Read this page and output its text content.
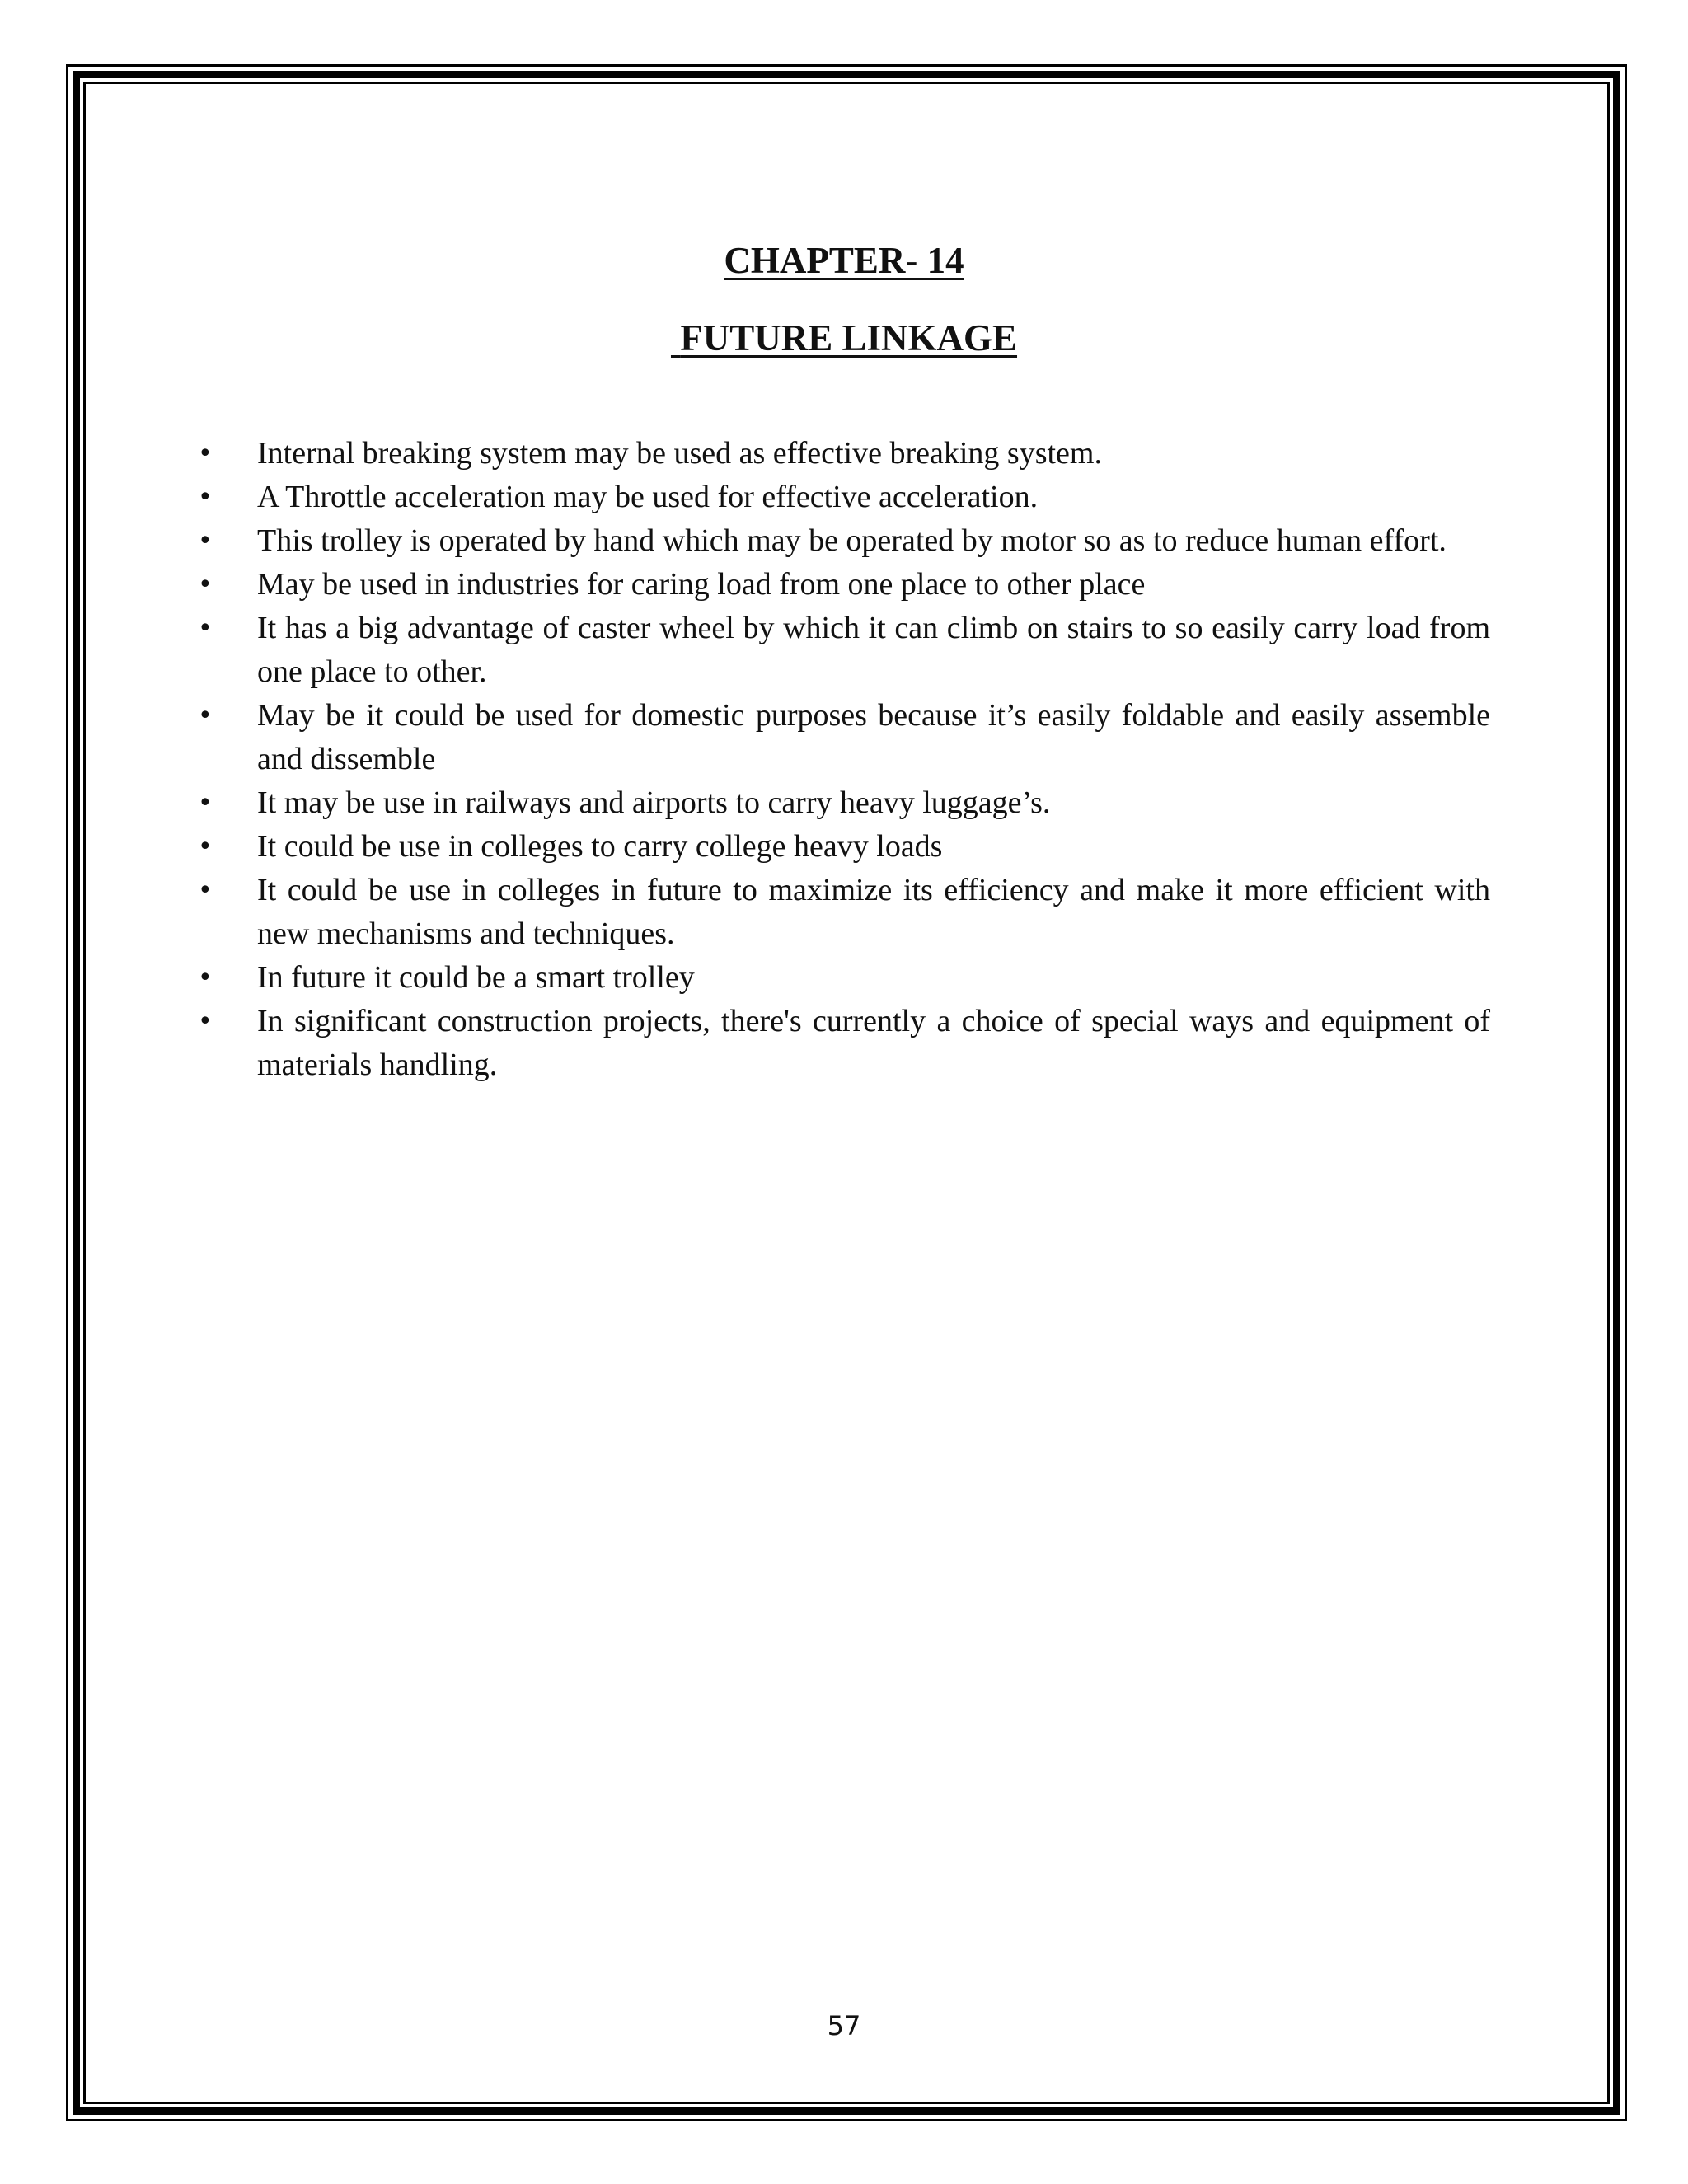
CHAPTER- 14
FUTURE LINKAGE
•	Internal breaking system may be used as effective breaking system.
•	A Throttle acceleration may be used for effective acceleration.
•	This trolley is operated by hand which may be operated by motor so as to reduce human effort.
•	May be used in industries for caring load from one place to other place
•	It has a big advantage of caster wheel by which it can climb on stairs to so easily carry load from one place to other.
•	May be it could be used for domestic purposes because it’s easily foldable and easily assemble and dissemble
•	It may be use in railways and airports to carry heavy luggage’s.
•	It could be use in colleges to carry college heavy loads
•	It could be use in colleges in future to maximize its efficiency and make it more efficient with new mechanisms and techniques.
•	In future it could be a smart trolley
•	In significant construction projects, there's currently a choice of special ways and equipment of materials handling.
57
